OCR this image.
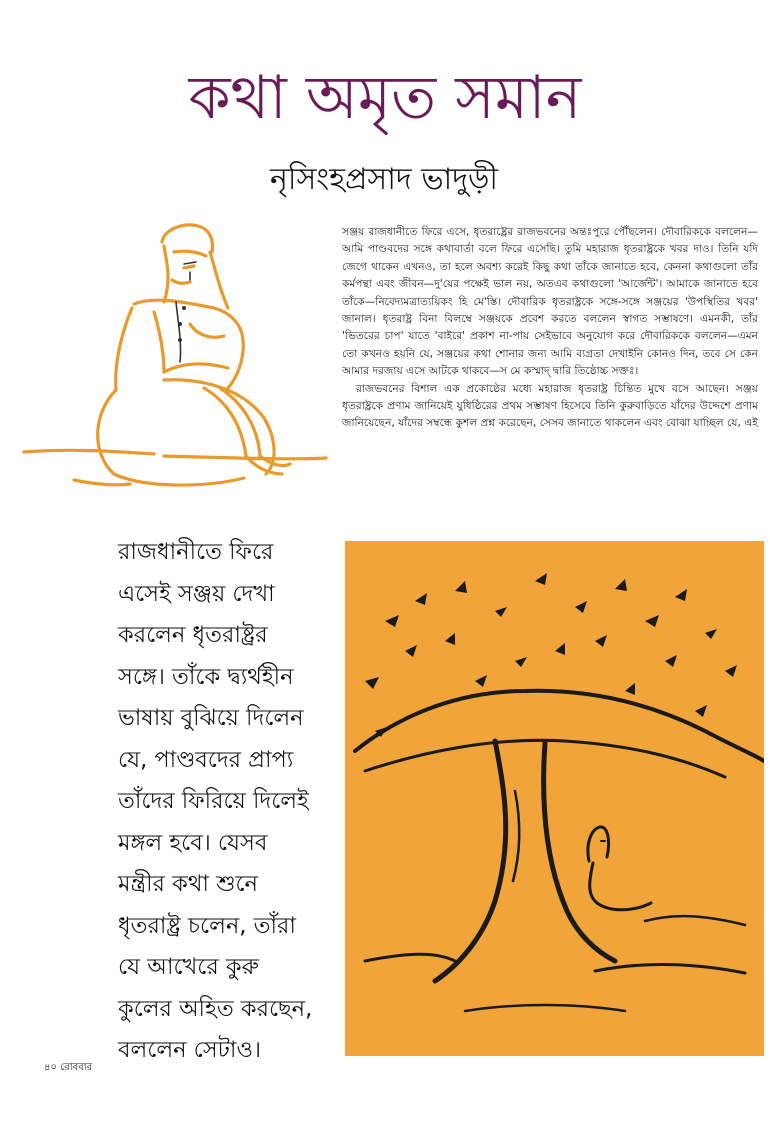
কথা অমৃত সমান
নৃসিংহপ্রসাদ ভাদুড়ী

সঞ্জয় রাজধানীতে ফিরে এসে, ধৃতরাষ্ট্রের রাজভবনের অন্তঃপুরে পৌঁছলেন। দৌবারিককে বললেন—আমি পাণ্ডবদের সঙ্গে কথাবার্তা বলে ফিরে এসেছি। তুমি মহারাজ ধৃতরাষ্ট্রকে খবর দাও। তিনি যদি জেগে থাকেন এখনও, তা হলে অবশ্য করেই কিছু কথা তাঁকে জানাতে হবে, কেননা কথাগুলো তাঁর কর্মপন্থা এবং জীবন—দু'য়ের পক্ষেই ভাল নয়, অতএব কথাগুলো 'আর্জেন্ট'। আমাকে জানাতে হবে তাঁকে—নিবেদ্যমত্রাত্যয়িকং হি মে'স্তি। দৌবারিক ধৃতরাষ্ট্রকে সঙ্গে-সঙ্গে সঞ্জয়ের 'উপস্থিতির খবর' জানাল। ধৃতরাষ্ট্র বিনা বিলম্বে সঞ্জয়কে প্রবেশ করতে বললেন স্বাগত সম্ভাষণে। এমনকী, তাঁর 'ভিতরের চাপ' যাতে 'বাইরে' প্রকাশ না-পায় সেইভাবে অনুযোগ করে দৌবারিককে বললেন—এমন তো কখনও হয়নি যে, সঞ্জয়ের কথা শোনার জন্য আমি ব্যগ্রতা দেখাইনি কোনও দিন, তবে সে কেন আমার দরজায় এসে আটকে থাকবে—স মে কস্মাদ্ দ্বারি তিষ্ঠোচ্চ সক্তঃ।

রাজভবনের বিশাল এক প্রকোষ্ঠের মধ্যে মহারাজ ধৃতরাষ্ট্র চিন্তিত মুখে বসে আছেন। সঞ্জয় ধৃতরাষ্ট্রকে প্রণাম জানিয়েই যুধিষ্ঠিরের প্রথম সম্ভাষণ হিসেবে তিনি কুরুবাড়িতে যাঁদের উদ্দেশে প্রণাম জানিয়েছেন, যাঁদের সম্বন্ধে কুশল প্রশ্ন করেছেন, সেসব জানাতে থাকলেন এবং বোঝা যাচ্ছিল যে, এই

রাজধানীতে ফিরে
এসেই সঞ্জয় দেখা
করলেন ধৃতরাষ্ট্রর
সঙ্গে। তাঁকে দ্ব্যর্থহীন
ভাষায় বুঝিয়ে দিলেন
যে, পাণ্ডবদের প্রাপ্য
তাঁদের ফিরিয়ে দিলেই
মঙ্গল হবে। যেসব
মন্ত্রীর কথা শুনে
ধৃতরাষ্ট্র চলেন, তাঁরা
যে আখেরে কুরু
কুলের অহিত করছেন,
বললেন সেটাও।
৪০ রোববার
